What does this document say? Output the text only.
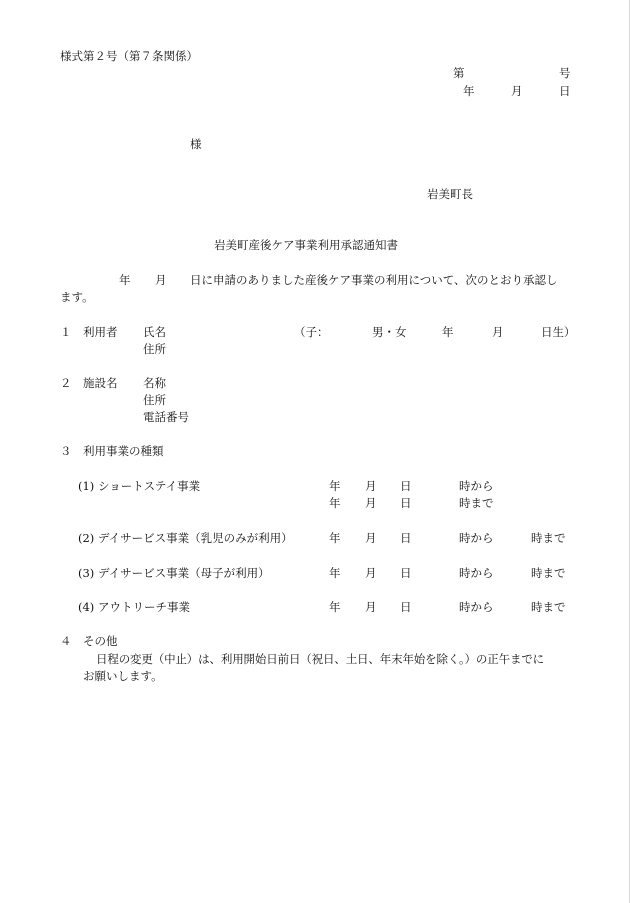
様式第２号（第７条関係）
第	号
年	月	日
様
岩美町長
岩美町産後ケア事業利用承認通知書
年 月 日に申請のありました産後ケア事業の利用について、次のとおり承認し
ます。
１ 利用者 氏名	（子：	男・女	年	月	日生）
住所
２ 施設名 名称
住所
電話番号
３ 利用事業の種類
(1) ショートステイ事業	年 月 日	時から
年 月 日	時まで
(2) デイサービス事業（乳児のみが利用）	年 月 日	時から	時まで
(3) デイサービス事業（母子が利用）	年 月 日	時から	時まで
(4) アウトリーチ事業	年 月 日	時から	時まで
４ その他
日程の変更（中止）は、利用開始日前日（祝日、土日、年末年始を除く。）の正午までに
お願いします。
